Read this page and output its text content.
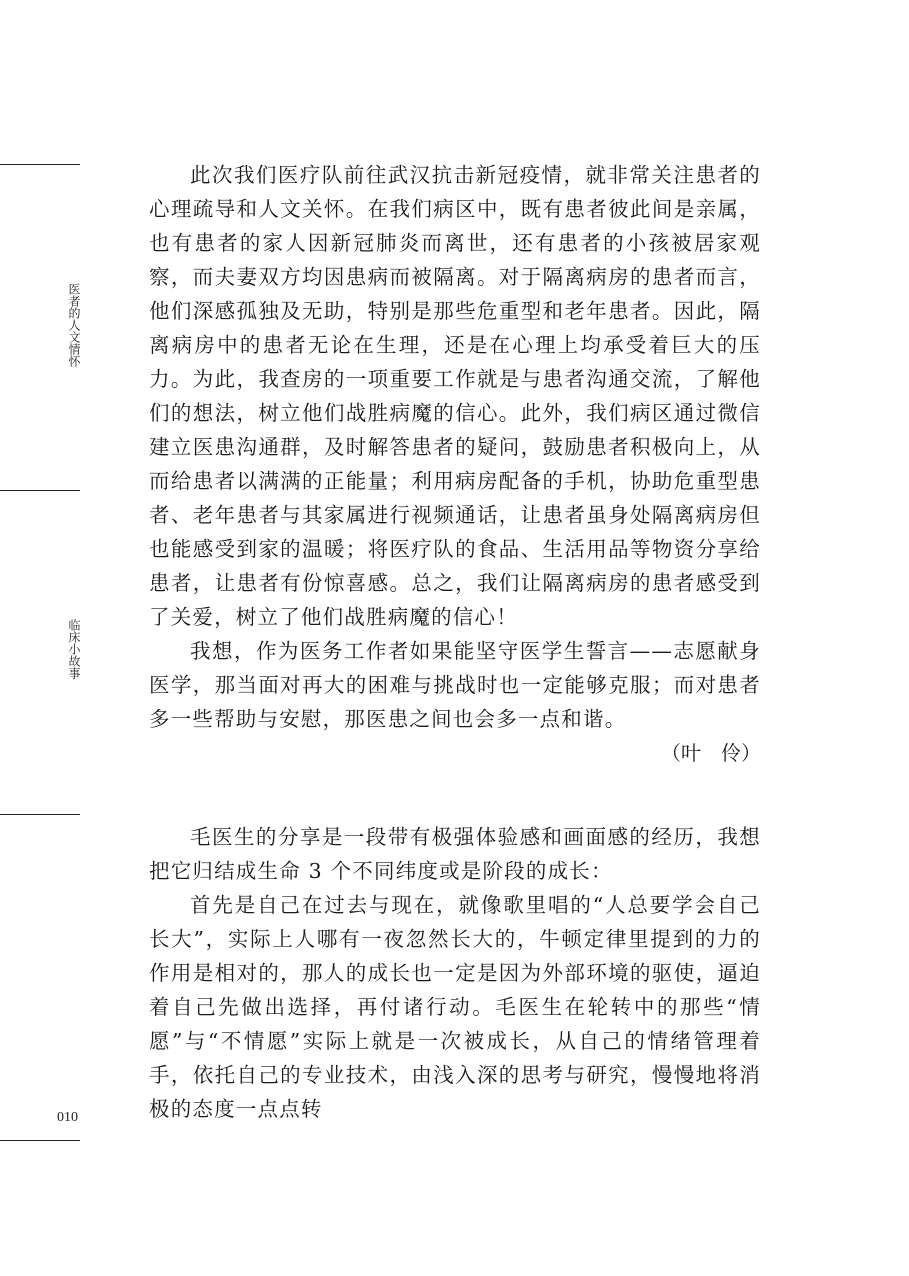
医者的人文情怀
临床小故事
010

此次我们医疗队前往武汉抗击新冠疫情，就非常关注患者的心理疏导和人文关怀。在我们病区中，既有患者彼此间是亲属，也有患者的家人因新冠肺炎而离世，还有患者的小孩被居家观察，而夫妻双方均因患病而被隔离。对于隔离病房的患者而言，他们深感孤独及无助，特别是那些危重型和老年患者。因此，隔离病房中的患者无论在生理，还是在心理上均承受着巨大的压力。为此，我查房的一项重要工作就是与患者沟通交流，了解他们的想法，树立他们战胜病魔的信心。此外，我们病区通过微信建立医患沟通群，及时解答患者的疑问，鼓励患者积极向上，从而给患者以满满的正能量；利用病房配备的手机，协助危重型患者、老年患者与其家属进行视频通话，让患者虽身处隔离病房但也能感受到家的温暖；将医疗队的食品、生活用品等物资分享给患者，让患者有份惊喜感。总之，我们让隔离病房的患者感受到了关爱，树立了他们战胜病魔的信心！

我想，作为医务工作者如果能坚守医学生誓言——志愿献身医学，那当面对再大的困难与挑战时也一定能够克服；而对患者多一些帮助与安慰，那医患之间也会多一点和谐。

（叶　伶）

毛医生的分享是一段带有极强体验感和画面感的经历，我想把它归结成生命 3 个不同纬度或是阶段的成长：

首先是自己在过去与现在，就像歌里唱的“人总要学会自己长大”，实际上人哪有一夜忽然长大的，牛顿定律里提到的力的作用是相对的，那人的成长也一定是因为外部环境的驱使，逼迫着自己先做出选择，再付诸行动。毛医生在轮转中的那些“情愿”与“不情愿”实际上就是一次被成长，从自己的情绪管理着手，依托自己的专业技术，由浅入深的思考与研究，慢慢地将消极的态度一点点转
